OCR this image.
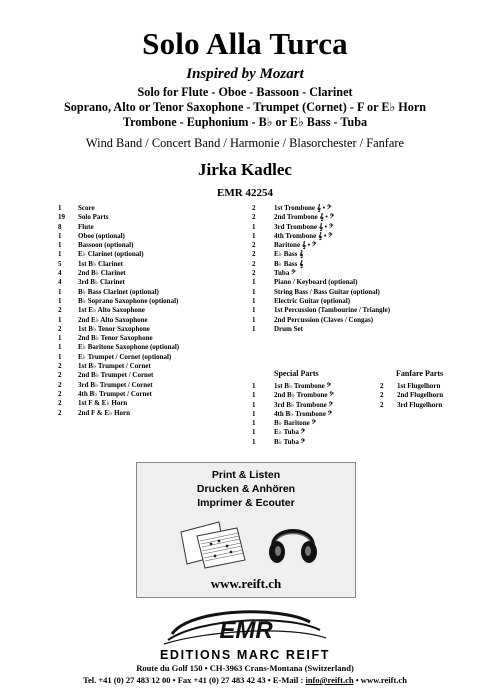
Solo Alla Turca
Inspired by Mozart
Solo for Flute - Oboe - Bassoon - Clarinet
Soprano, Alto or Tenor Saxophone - Trumpet (Cornet) - F or E♭ Horn
Trombone - Euphonium - B♭ or E♭ Bass - Tuba
Wind Band / Concert Band / Harmonie / Blasorchester / Fanfare
Jirka Kadlec
EMR 42254
1	Score
19	Solo Parts
8	Flute
1	Oboe (optional)
1	Bassoon (optional)
1	E♭ Clarinet (optional)
5	1st B♭ Clarinet
4	2nd B♭ Clarinet
4	3rd B♭ Clarinet
1	B♭ Bass Clarinet (optional)
1	B♭ Soprano Saxophone (optional)
2	1st E♭ Alto Saxophone
1	2nd E♭ Alto Saxophone
2	1st B♭ Tenor Saxophone
1	2nd B♭ Tenor Saxophone
1	E♭ Baritone Saxophone (optional)
1	E♭ Trumpet / Cornet (optional)
2	1st B♭ Trumpet / Cornet
2	2nd B♭ Trumpet / Cornet
2	3rd B♭ Trumpet / Cornet
2	4th B♭ Trumpet / Cornet
2	1st F & E♭ Horn
2	2nd F & E♭ Horn
2	1st Trombone 𝄞 • 𝄢
2	2nd Trombone 𝄞 • 𝄢
1	3rd Trombone 𝄞 • 𝄢
1	4th Trombone 𝄞 • 𝄢
2	Baritone 𝄞 • 𝄢
2	E♭ Bass 𝄞
2	B♭ Bass 𝄞
2	Tuba 𝄢
1	Piano / Keyboard (optional)
1	String Bass / Bass Guitar (optional)
1	Electric Guitar (optional)
1	1st Percussion (Tambourine / Triangle)
1	2nd Percussion (Claves / Congas)
1	Drum Set
Special Parts	Fanfare Parts
1	1st B♭ Trombone 𝄢
1	2nd B♭ Trombone 𝄢
1	3rd B♭ Trombone 𝄢
1	4th B♭ Trombone 𝄢
1	B♭ Baritone 𝄢
1	E♭ Tuba 𝄢
1	B♭ Tuba 𝄢
2	1st Flugelhorn
2	2nd Flugelhorn
2	3rd Flugelhorn
Print & Listen
Drucken & Anhören
Imprimer & Ecouter
www.reift.ch
EMR
EDITIONS MARC REIFT
Route du Golf 150 • CH-3963 Crans-Montana (Switzerland)
Tel. +41 (0) 27 483 12 00 • Fax +41 (0) 27 483 42 43 • E-Mail : info@reift.ch • www.reift.ch
